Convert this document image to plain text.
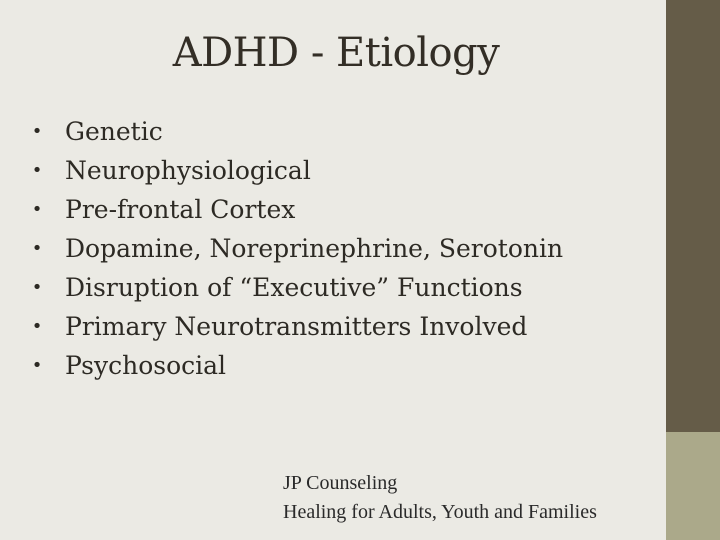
ADHD - Etiology
• Genetic
• Neurophysiological
• Pre-frontal Cortex
• Dopamine, Noreprinephrine, Serotonin
• Disruption of “Executive” Functions
• Primary Neurotransmitters Involved
• Psychosocial
JP Counseling
Healing for Adults, Youth and Families
